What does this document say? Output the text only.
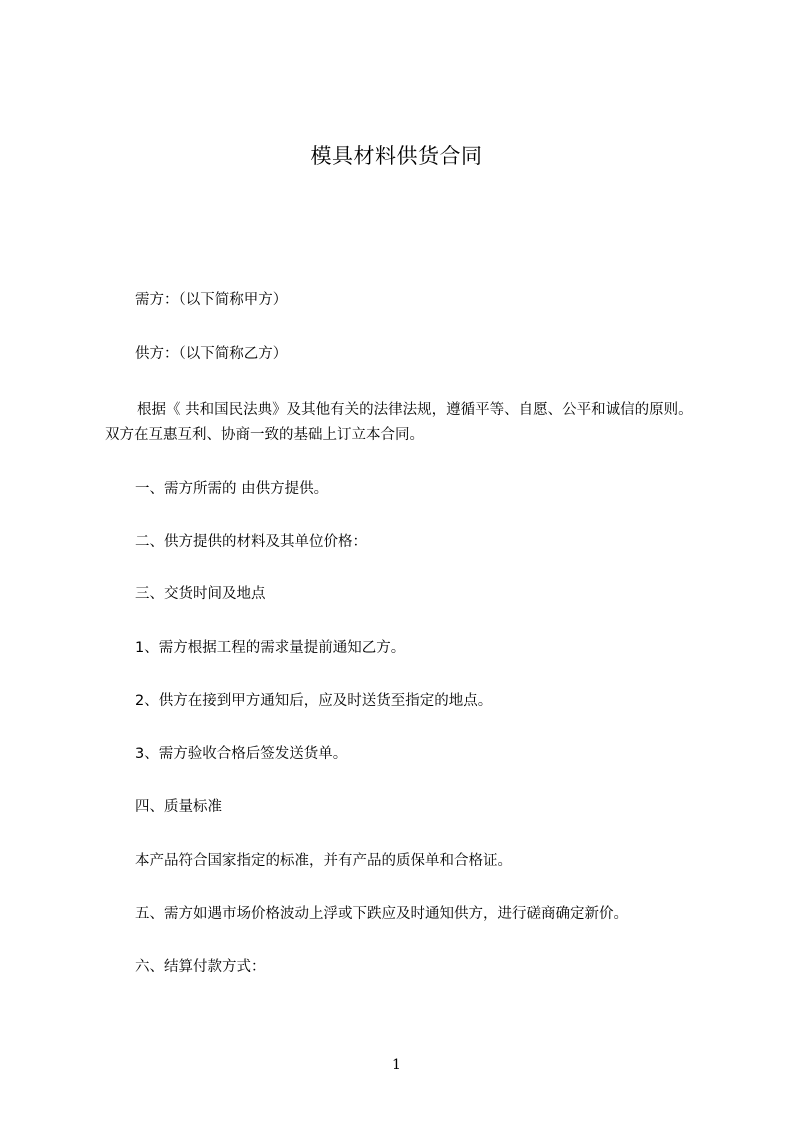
模具材料供货合同
需方：（以下简称甲方）
供方：（以下简称乙方）
根据《 共和国民法典》及其他有关的法律法规，遵循平等、自愿、公平和诚信的原则。双方在互惠互利、协商一致的基础上订立本合同。
一、需方所需的 由供方提供。
二、供方提供的材料及其单位价格：
三、交货时间及地点
1、需方根据工程的需求量提前通知乙方。
2、供方在接到甲方通知后，应及时送货至指定的地点。
3、需方验收合格后签发送货单。
四、质量标准
本产品符合国家指定的标准，并有产品的质保单和合格证。
五、需方如遇市场价格波动上浮或下跌应及时通知供方，进行磋商确定新价。
六、结算付款方式：
1
